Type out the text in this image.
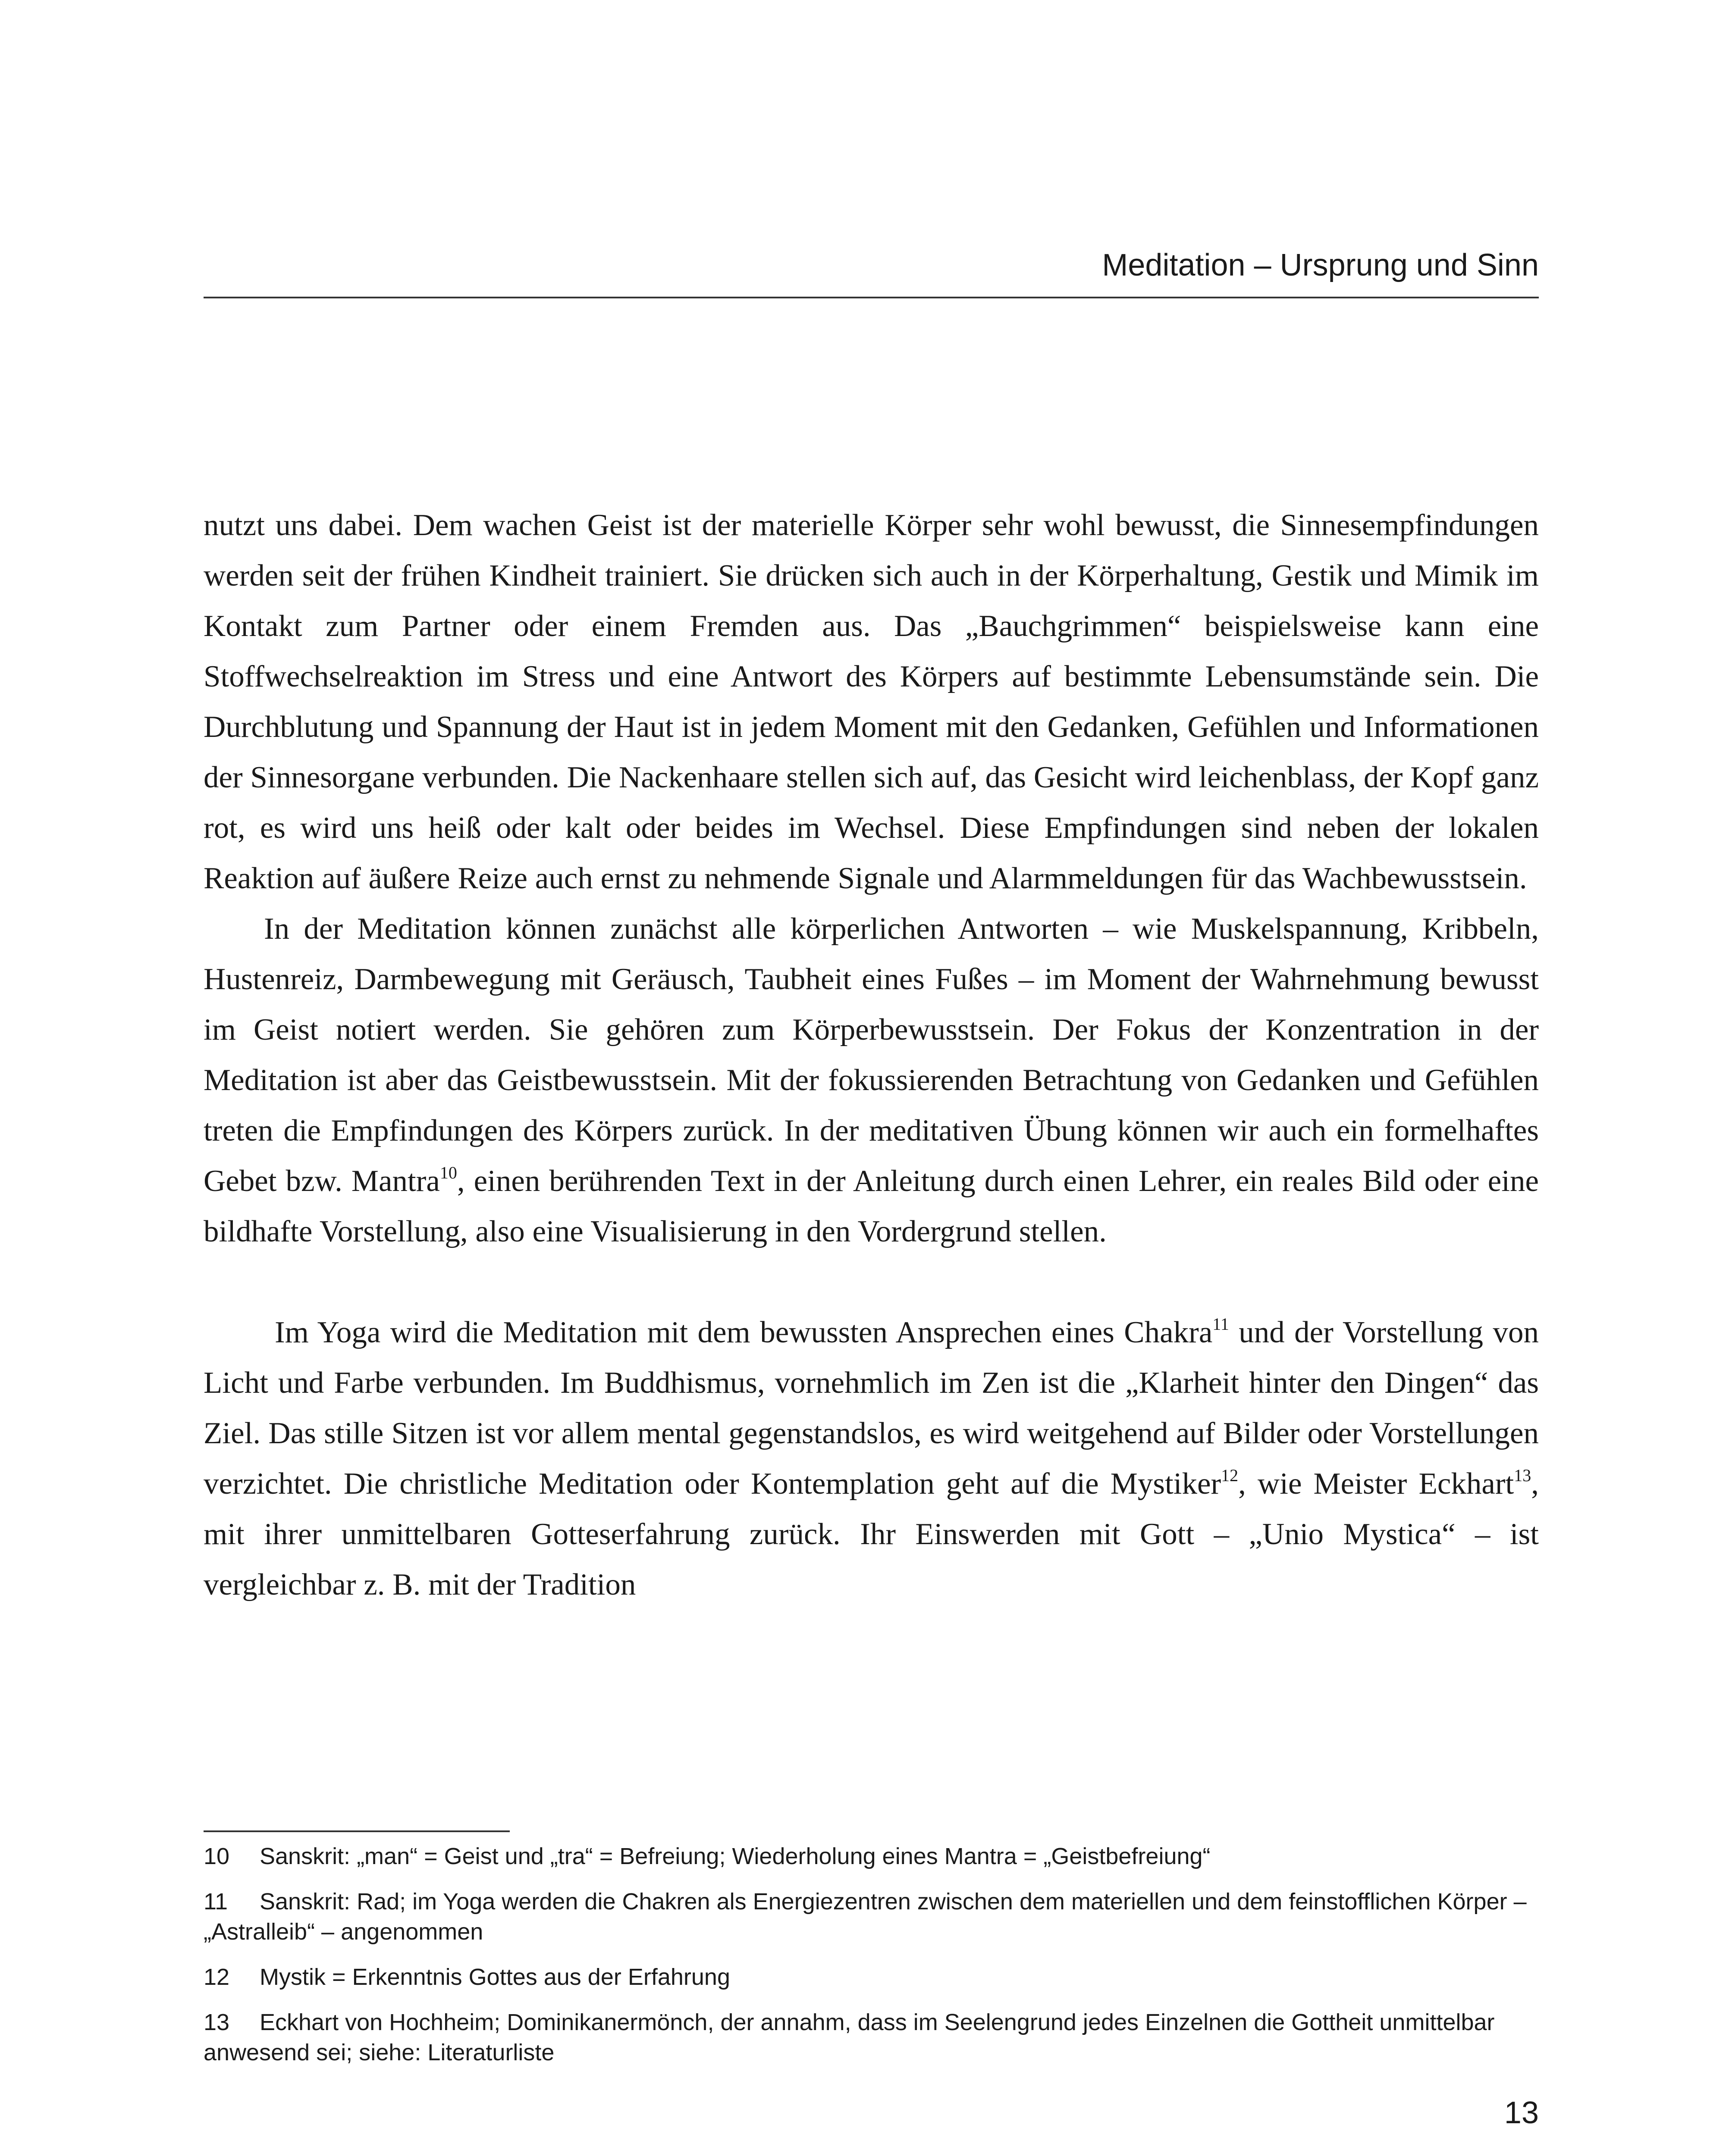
Meditation – Ursprung und Sinn

nutzt uns dabei. Dem wachen Geist ist der materielle Körper sehr wohl bewusst, die Sinnesempfindungen werden seit der frühen Kindheit trainiert. Sie drücken sich auch in der Körperhaltung, Gestik und Mimik im Kontakt zum Partner oder einem Fremden aus. Das „Bauchgrimmen“ beispielsweise kann eine Stoffwechselreaktion im Stress und eine Antwort des Körpers auf bestimmte Lebensumstände sein. Die Durchblutung und Spannung der Haut ist in jedem Moment mit den Gedanken, Gefühlen und Informationen der Sinnesorgane verbunden. Die Nackenhaare stellen sich auf, das Gesicht wird leichenblass, der Kopf ganz rot, es wird uns heiß oder kalt oder beides im Wechsel. Diese Empfindungen sind neben der lokalen Reaktion auf äußere Reize auch ernst zu nehmende Signale und Alarmmeldungen für das Wachbewusstsein.

In der Meditation können zunächst alle körperlichen Antworten – wie Muskelspannung, Kribbeln, Hustenreiz, Darmbewegung mit Geräusch, Taubheit eines Fußes – im Moment der Wahrnehmung bewusst im Geist notiert werden. Sie gehören zum Körperbewusstsein. Der Fokus der Konzentration in der Meditation ist aber das Geistbewusstsein. Mit der fokussierenden Betrachtung von Gedanken und Gefühlen treten die Empfindungen des Körpers zurück. In der meditativen Übung können wir auch ein formelhaftes Gebet bzw. Mantra$^{10}$, einen berührenden Text in der Anleitung durch einen Lehrer, ein reales Bild oder eine bildhafte Vorstellung, also eine Visualisierung in den Vordergrund stellen.

Im Yoga wird die Meditation mit dem bewussten Ansprechen eines Chakra$^{11}$ und der Vorstellung von Licht und Farbe verbunden. Im Buddhismus, vornehmlich im Zen ist die „Klarheit hinter den Dingen“ das Ziel. Das stille Sitzen ist vor allem mental gegenstandslos, es wird weitgehend auf Bilder oder Vorstellungen verzichtet. Die christliche Meditation oder Kontemplation geht auf die Mystiker$^{12}$, wie Meister Eckhart$^{13}$, mit ihrer unmittelbaren Gotteserfahrung zurück. Ihr Einswerden mit Gott – „Unio Mystica“ – ist vergleichbar z. B. mit der Tradition

10 Sanskrit: „man“ = Geist und „tra“ = Befreiung; Wiederholung eines Mantra = „Geistbefreiung“
11 Sanskrit: Rad; im Yoga werden die Chakren als Energiezentren zwischen dem materiellen und dem feinstofflichen Körper – „Astralleib“ – angenommen
12 Mystik = Erkenntnis Gottes aus der Erfahrung
13 Eckhart von Hochheim; Dominikanermönch, der annahm, dass im Seelengrund jedes Einzelnen die Gottheit unmittelbar anwesend sei; siehe: Literaturliste
13
